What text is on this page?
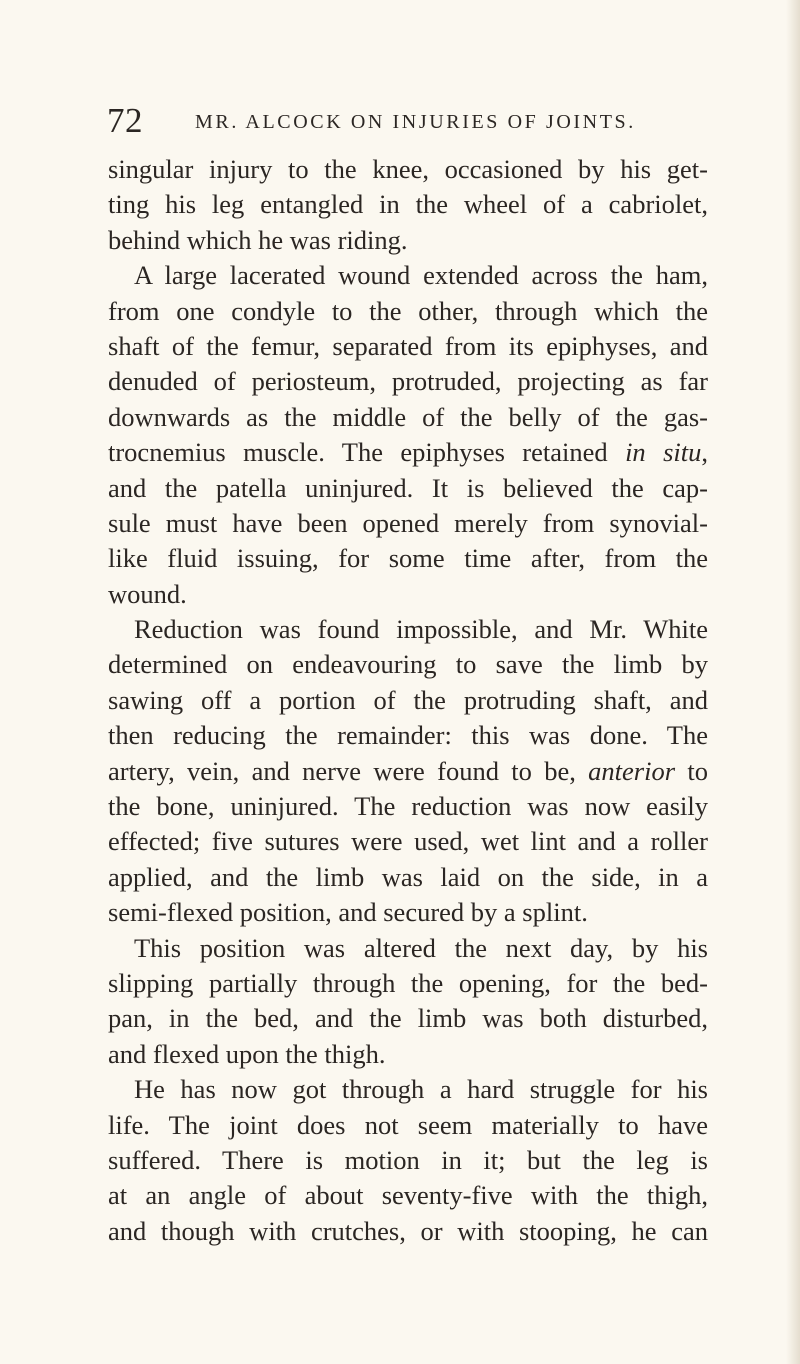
72	MR. ALCOCK ON INJURIES OF JOINTS.
singular injury to the knee, occasioned by his get-
ting his leg entangled in the wheel of a cabriolet,
behind which he was riding.
A large lacerated wound extended across the ham,
from one condyle to the other, through which the
shaft of the femur, separated from its epiphyses, and
denuded of periosteum, protruded, projecting as far
downwards as the middle of the belly of the gas-
trocnemius muscle. The epiphyses retained in situ,
and the patella uninjured. It is believed the cap-
sule must have been opened merely from synovial-
like fluid issuing, for some time after, from the
wound.
Reduction was found impossible, and Mr. White
determined on endeavouring to save the limb by
sawing off a portion of the protruding shaft, and
then reducing the remainder: this was done. The
artery, vein, and nerve were found to be, anterior to
the bone, uninjured. The reduction was now easily
effected; five sutures were used, wet lint and a roller
applied, and the limb was laid on the side, in a
semi-flexed position, and secured by a splint.
This position was altered the next day, by his
slipping partially through the opening, for the bed-
pan, in the bed, and the limb was both disturbed,
and flexed upon the thigh.
He has now got through a hard struggle for his
life. The joint does not seem materially to have
suffered. There is motion in it; but the leg is
at an angle of about seventy-five with the thigh,
and though with crutches, or with stooping, he can
